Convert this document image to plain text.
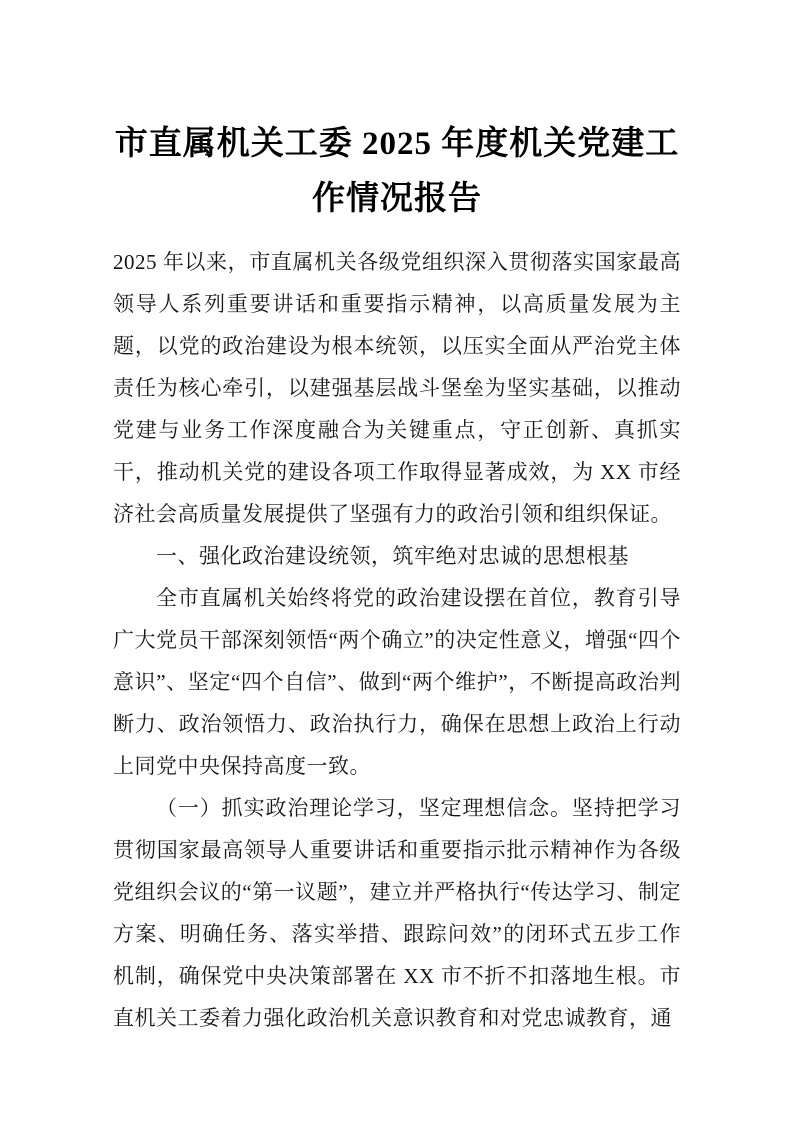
市直属机关工委 2025 年度机关党建工作情况报告

2025 年以来，市直属机关各级党组织深入贯彻落实国家最高领导人系列重要讲话和重要指示精神，以高质量发展为主题，以党的政治建设为根本统领，以压实全面从严治党主体责任为核心牵引，以建强基层战斗堡垒为坚实基础，以推动党建与业务工作深度融合为关键重点，守正创新、真抓实干，推动机关党的建设各项工作取得显著成效，为 XX 市经济社会高质量发展提供了坚强有力的政治引领和组织保证。

一、强化政治建设统领，筑牢绝对忠诚的思想根基

全市直属机关始终将党的政治建设摆在首位，教育引导广大党员干部深刻领悟“两个确立”的决定性意义，增强“四个意识”、坚定“四个自信”、做到“两个维护”，不断提高政治判断力、政治领悟力、政治执行力，确保在思想上政治上行动上同党中央保持高度一致。

（一）抓实政治理论学习，坚定理想信念。坚持把学习贯彻国家最高领导人重要讲话和重要指示批示精神作为各级党组织会议的“第一议题”，建立并严格执行“传达学习、制定方案、明确任务、落实举措、跟踪问效”的闭环式五步工作机制，确保党中央决策部署在 XX 市不折不扣落地生根。市直机关工委着力强化政治机关意识教育和对党忠诚教育，通
